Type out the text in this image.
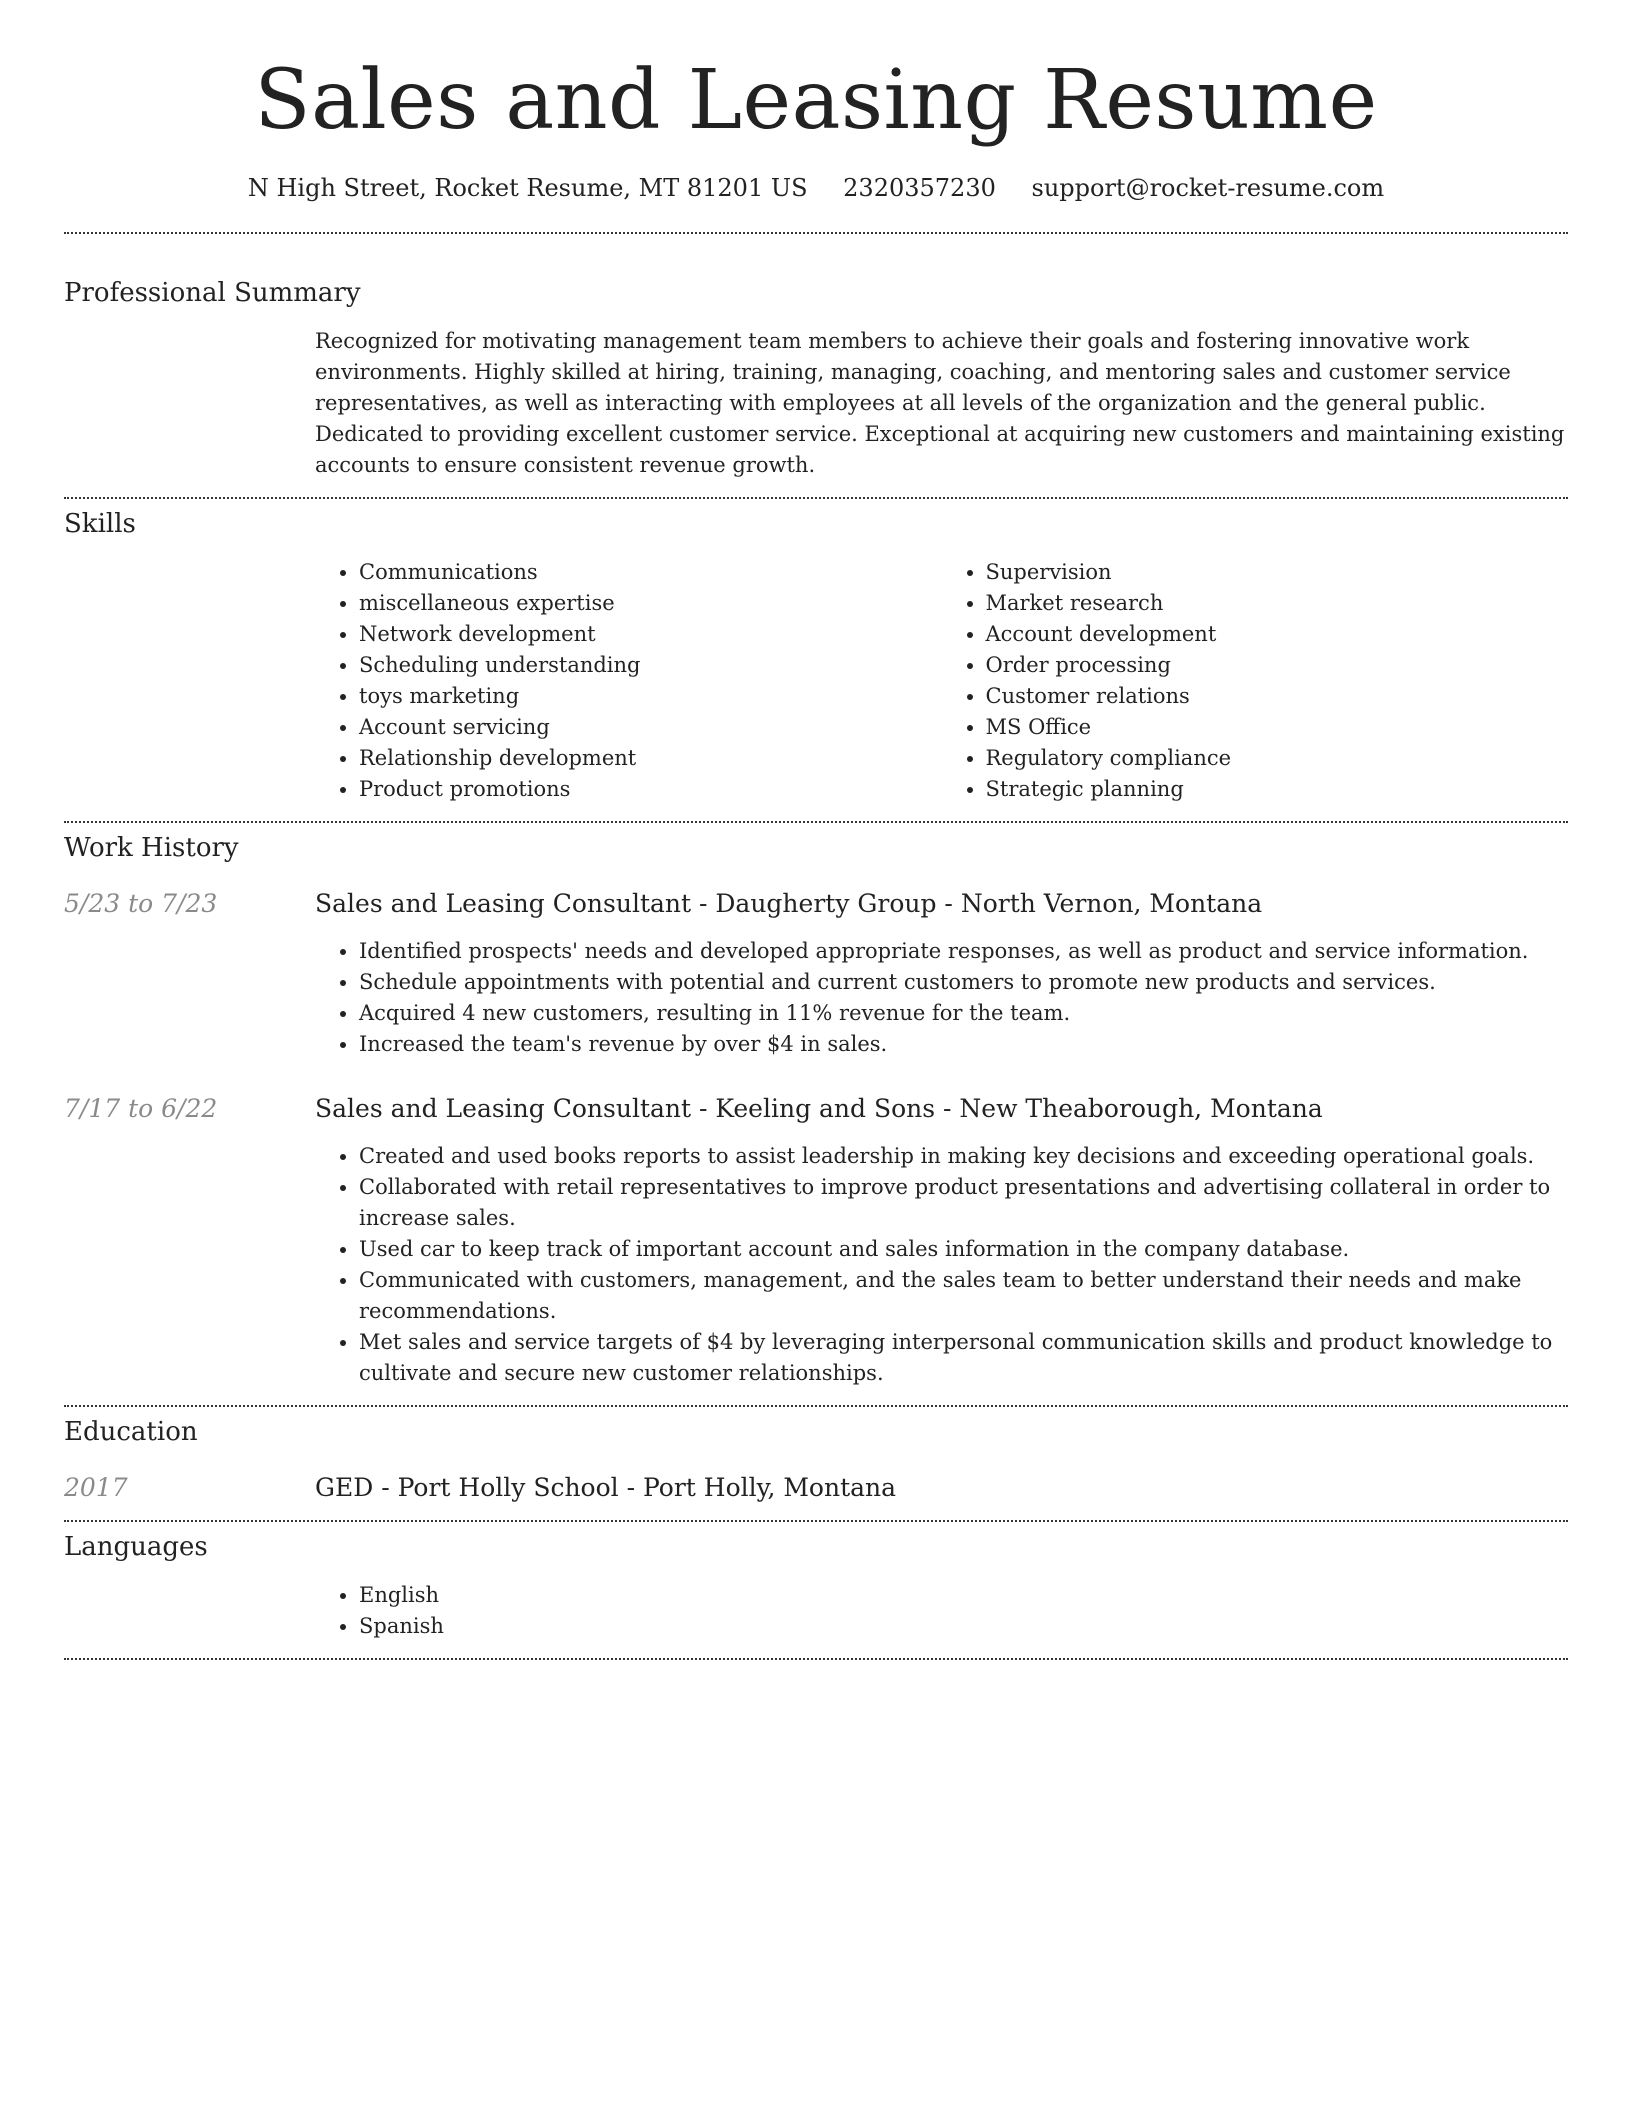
Sales and Leasing Resume
N High Street, Rocket Resume, MT 81201 US 2320357230 support@rocket-resume.com
Professional Summary
Recognized for motivating management team members to achieve their goals and fostering innovative work environments. Highly skilled at hiring, training, managing, coaching, and mentoring sales and customer service representatives, as well as interacting with employees at all levels of the organization and the general public. Dedicated to providing excellent customer service. Exceptional at acquiring new customers and maintaining existing accounts to ensure consistent revenue growth.
Skills
• Communications
• miscellaneous expertise
• Network development
• Scheduling understanding
• toys marketing
• Account servicing
• Relationship development
• Product promotions
• Supervision
• Market research
• Account development
• Order processing
• Customer relations
• MS Office
• Regulatory compliance
• Strategic planning
Work History
5/23 to 7/23	Sales and Leasing Consultant - Daugherty Group - North Vernon, Montana
• Identified prospects' needs and developed appropriate responses, as well as product and service information.
• Schedule appointments with potential and current customers to promote new products and services.
• Acquired 4 new customers, resulting in 11% revenue for the team.
• Increased the team's revenue by over $4 in sales.
7/17 to 6/22	Sales and Leasing Consultant - Keeling and Sons - New Theaborough, Montana
• Created and used books reports to assist leadership in making key decisions and exceeding operational goals.
• Collaborated with retail representatives to improve product presentations and advertising collateral in order to increase sales.
• Used car to keep track of important account and sales information in the company database.
• Communicated with customers, management, and the sales team to better understand their needs and make recommendations.
• Met sales and service targets of $4 by leveraging interpersonal communication skills and product knowledge to cultivate and secure new customer relationships.
Education
2017	GED - Port Holly School - Port Holly, Montana
Languages
• English
• Spanish
